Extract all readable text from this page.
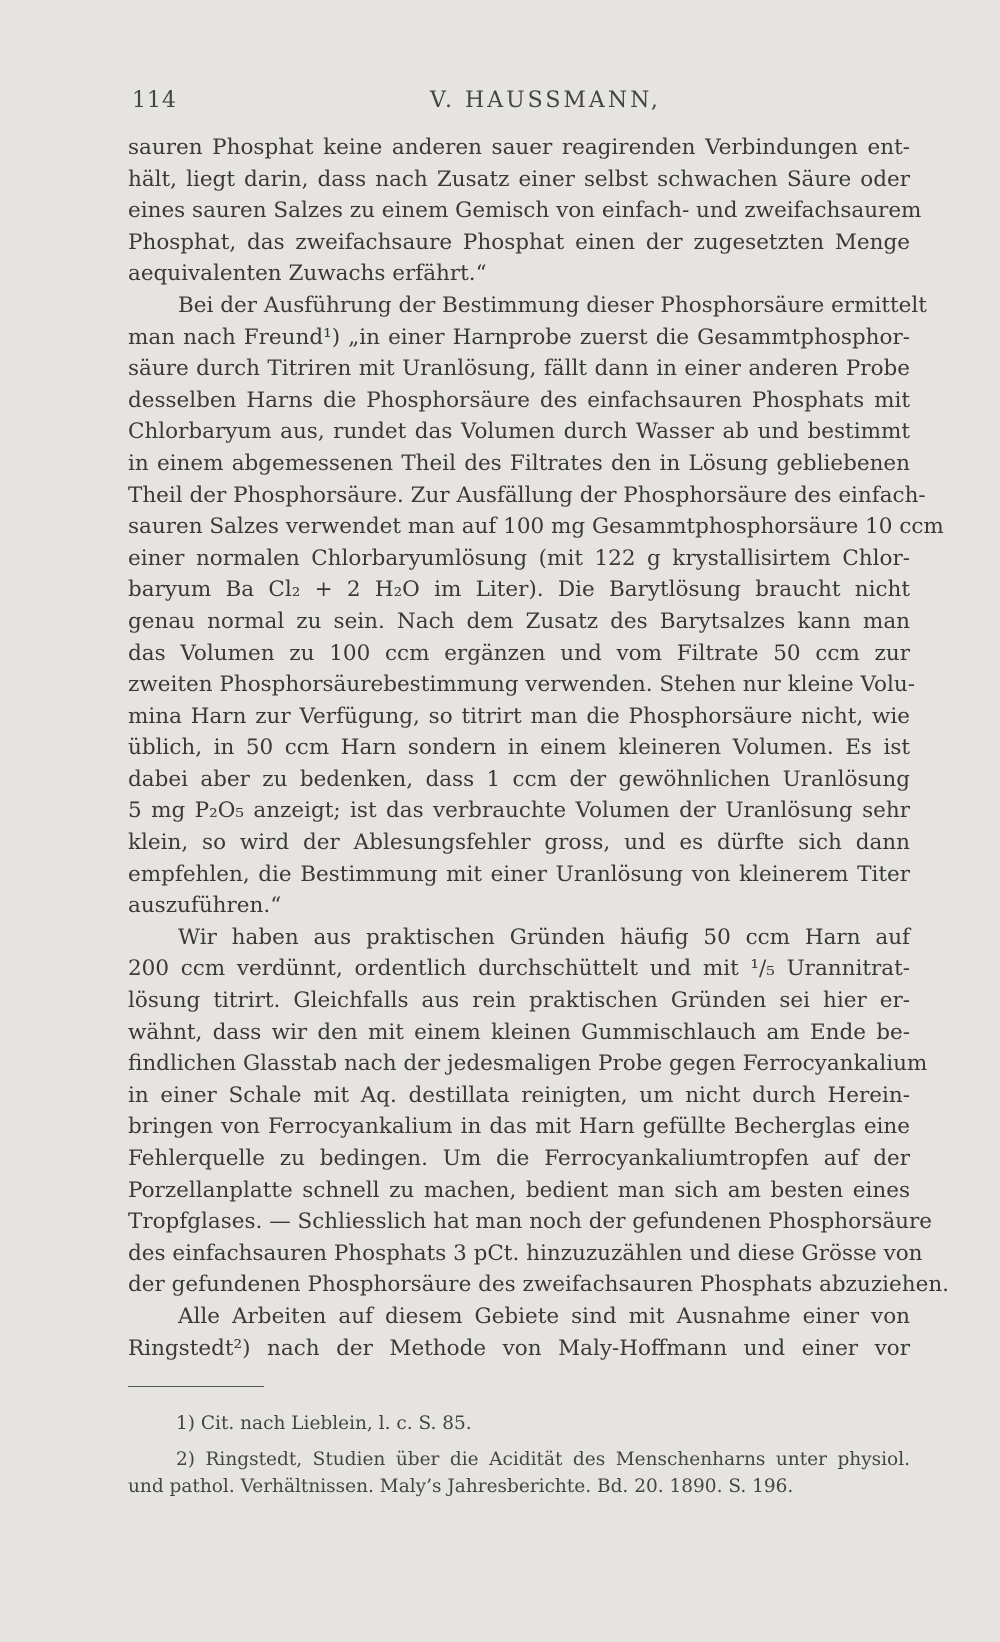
114	V. HAUSSMANN,
sauren Phosphat keine anderen sauer reagirenden Verbindungen ent-
hält, liegt darin, dass nach Zusatz einer selbst schwachen Säure oder
eines sauren Salzes zu einem Gemisch von einfach- und zweifachsaurem
Phosphat, das zweifachsaure Phosphat einen der zugesetzten Menge
aequivalenten Zuwachs erfährt.“
Bei der Ausführung der Bestimmung dieser Phosphorsäure ermittelt
man nach Freund¹) „in einer Harnprobe zuerst die Gesammtphosphor-
säure durch Titriren mit Uranlösung, fällt dann in einer anderen Probe
desselben Harns die Phosphorsäure des einfachsauren Phosphats mit
Chlorbaryum aus, rundet das Volumen durch Wasser ab und bestimmt
in einem abgemessenen Theil des Filtrates den in Lösung gebliebenen
Theil der Phosphorsäure. Zur Ausfällung der Phosphorsäure des einfach-
sauren Salzes verwendet man auf 100 mg Gesammtphosphorsäure 10 ccm
einer normalen Chlorbaryumlösung (mit 122 g krystallisirtem Chlor-
baryum Ba Cl₂ + 2 H₂O im Liter). Die Barytlösung braucht nicht
genau normal zu sein. Nach dem Zusatz des Barytsalzes kann man
das Volumen zu 100 ccm ergänzen und vom Filtrate 50 ccm zur
zweiten Phosphorsäurebestimmung verwenden. Stehen nur kleine Volu-
mina Harn zur Verfügung, so titrirt man die Phosphorsäure nicht, wie
üblich, in 50 ccm Harn sondern in einem kleineren Volumen. Es ist
dabei aber zu bedenken, dass 1 ccm der gewöhnlichen Uranlösung
5 mg P₂O₅ anzeigt; ist das verbrauchte Volumen der Uranlösung sehr
klein, so wird der Ablesungsfehler gross, und es dürfte sich dann
empfehlen, die Bestimmung mit einer Uranlösung von kleinerem Titer
auszuführen.“
Wir haben aus praktischen Gründen häufig 50 ccm Harn auf
200 ccm verdünnt, ordentlich durchschüttelt und mit ¹/₅ Urannitrat-
lösung titrirt. Gleichfalls aus rein praktischen Gründen sei hier er-
wähnt, dass wir den mit einem kleinen Gummischlauch am Ende be-
findlichen Glasstab nach der jedesmaligen Probe gegen Ferrocyankalium
in einer Schale mit Aq. destillata reinigten, um nicht durch Herein-
bringen von Ferrocyankalium in das mit Harn gefüllte Becherglas eine
Fehlerquelle zu bedingen. Um die Ferrocyankaliumtropfen auf der
Porzellanplatte schnell zu machen, bedient man sich am besten eines
Tropfglases. — Schliesslich hat man noch der gefundenen Phosphorsäure
des einfachsauren Phosphats 3 pCt. hinzuzuzählen und diese Grösse von
der gefundenen Phosphorsäure des zweifachsauren Phosphats abzuziehen.
Alle Arbeiten auf diesem Gebiete sind mit Ausnahme einer von
Ringstedt²) nach der Methode von Maly-Hoffmann und einer vor
1) Cit. nach Lieblein, l. c. S. 85.
2) Ringstedt, Studien über die Acidität des Menschenharns unter physiol.
und pathol. Verhältnissen. Maly’s Jahresberichte. Bd. 20. 1890. S. 196.
